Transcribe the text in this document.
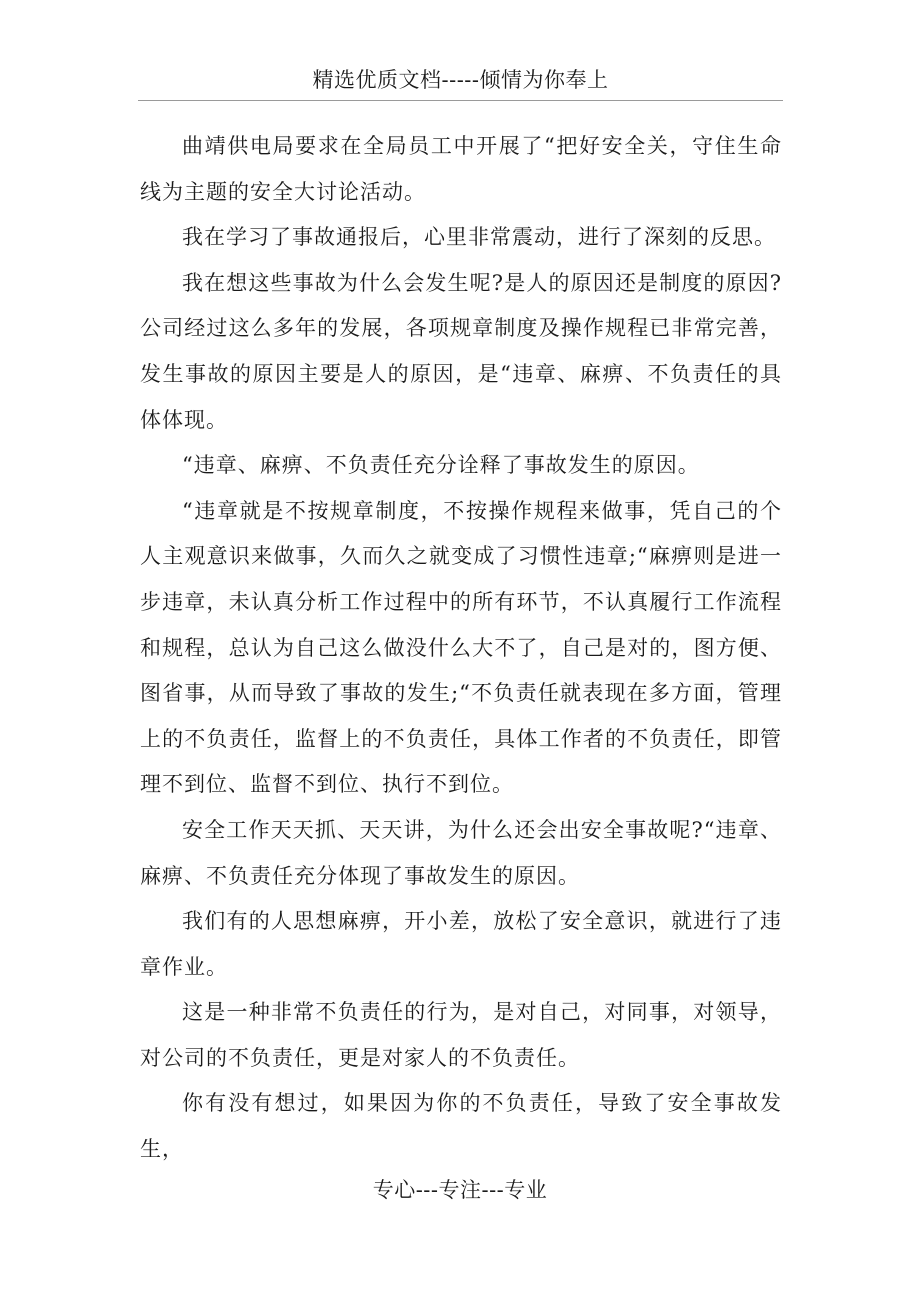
精选优质文档-----倾情为你奉上

曲靖供电局要求在全局员工中开展了“把好安全关，守住生命线为主题的安全大讨论活动。

我在学习了事故通报后，心里非常震动，进行了深刻的反思。

我在想这些事故为什么会发生呢?是人的原因还是制度的原因?公司经过这么多年的发展，各项规章制度及操作规程已非常完善，发生事故的原因主要是人的原因，是“违章、麻痹、不负责任的具体体现。

“违章、麻痹、不负责任充分诠释了事故发生的原因。

“违章就是不按规章制度，不按操作规程来做事，凭自己的个人主观意识来做事，久而久之就变成了习惯性违章;“麻痹则是进一步违章，未认真分析工作过程中的所有环节，不认真履行工作流程和规程，总认为自己这么做没什么大不了，自己是对的，图方便、图省事，从而导致了事故的发生;“不负责任就表现在多方面，管理上的不负责任，监督上的不负责任，具体工作者的不负责任，即管理不到位、监督不到位、执行不到位。

安全工作天天抓、天天讲，为什么还会出安全事故呢?“违章、麻痹、不负责任充分体现了事故发生的原因。

我们有的人思想麻痹，开小差，放松了安全意识，就进行了违章作业。

这是一种非常不负责任的行为，是对自己，对同事，对领导，对公司的不负责任，更是对家人的不负责任。

你有没有想过，如果因为你的不负责任，导致了安全事故发生，

专心---专注---专业
